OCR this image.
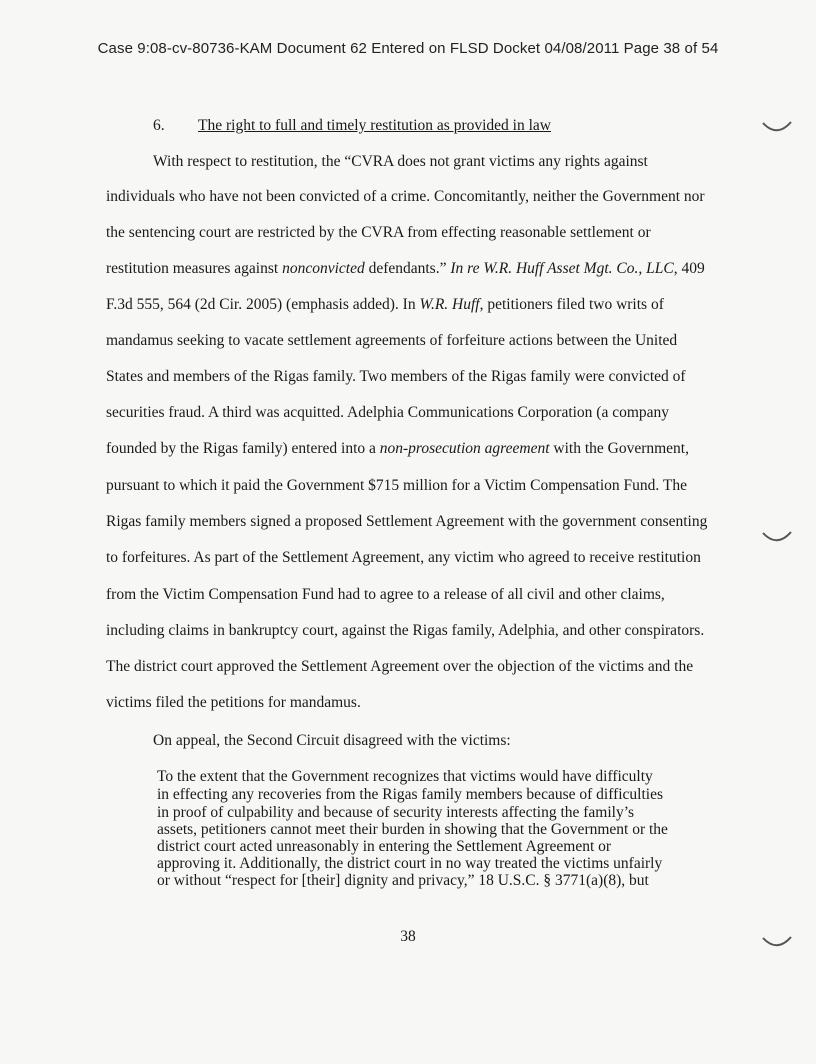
Case 9:08-cv-80736-KAM Document 62 Entered on FLSD Docket 04/08/2011 Page 38 of 54
6. The right to full and timely restitution as provided in law
With respect to restitution, the “CVRA does not grant victims any rights against
individuals who have not been convicted of a crime. Concomitantly, neither the Government nor
the sentencing court are restricted by the CVRA from effecting reasonable settlement or
restitution measures against nonconvicted defendants.” In re W.R. Huff Asset Mgt. Co., LLC, 409
F.3d 555, 564 (2d Cir. 2005) (emphasis added). In W.R. Huff, petitioners filed two writs of
mandamus seeking to vacate settlement agreements of forfeiture actions between the United
States and members of the Rigas family. Two members of the Rigas family were convicted of
securities fraud. A third was acquitted. Adelphia Communications Corporation (a company
founded by the Rigas family) entered into a non-prosecution agreement with the Government,
pursuant to which it paid the Government $715 million for a Victim Compensation Fund. The
Rigas family members signed a proposed Settlement Agreement with the government consenting
to forfeitures. As part of the Settlement Agreement, any victim who agreed to receive restitution
from the Victim Compensation Fund had to agree to a release of all civil and other claims,
including claims in bankruptcy court, against the Rigas family, Adelphia, and other conspirators.
The district court approved the Settlement Agreement over the objection of the victims and the
victims filed the petitions for mandamus.
On appeal, the Second Circuit disagreed with the victims:
To the extent that the Government recognizes that victims would have difficulty
in effecting any recoveries from the Rigas family members because of difficulties
in proof of culpability and because of security interests affecting the family’s
assets, petitioners cannot meet their burden in showing that the Government or the
district court acted unreasonably in entering the Settlement Agreement or
approving it. Additionally, the district court in no way treated the victims unfairly
or without “respect for [their] dignity and privacy,” 18 U.S.C. § 3771(a)(8), but
38
